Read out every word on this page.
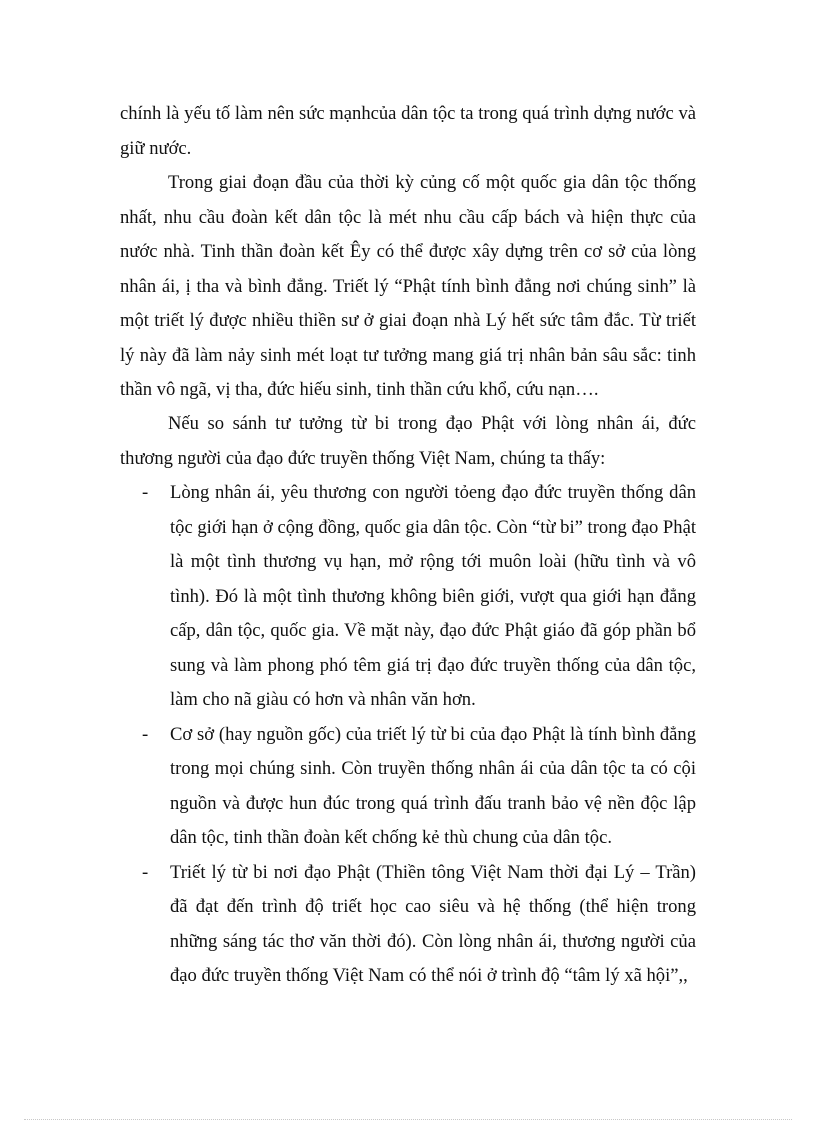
chính là yếu tố làm nên sức mạnhcủa dân tộc ta trong quá trình dựng nước và giữ nước.

Trong giai đoạn đầu của thời kỳ củng cố một quốc gia dân tộc thống nhất, nhu cầu đoàn kết dân tộc là mét nhu cầu cấp bách và hiện thực của nước nhà. Tinh thần đoàn kết Êy có thể được xây dựng trên cơ sở của lòng nhân ái, ị tha và bình đẳng. Triết lý “Phật tính bình đẳng nơi chúng sinh” là một triết lý được nhiều thiền sư ở giai đoạn nhà Lý hết sức tâm đắc. Từ triết lý này đã làm nảy sinh mét loạt tư tưởng mang giá trị nhân bản sâu sắc: tinh thần vô ngã, vị tha, đức hiếu sinh, tinh thần cứu khổ, cứu nạn….

Nếu so sánh tư tưởng từ bi trong đạo Phật với lòng nhân ái, đức thương người của đạo đức truyền thống Việt Nam, chúng ta thấy:

- Lòng nhân ái, yêu thương con người tỏeng đạo đức truyền thống dân tộc giới hạn ở cộng đồng, quốc gia dân tộc. Còn “từ bi” trong đạo Phật là một tình thương vụ hạn, mở rộng tới muôn loài (hữu tình và vô tình). Đó là một tình thương không biên giới, vượt qua giới hạn đẳng cấp, dân tộc, quốc gia. Về mặt này, đạo đức Phật giáo đã góp phần bổ sung và làm phong phó têm giá trị đạo đức truyền thống của dân tộc, làm cho nã giàu có hơn và nhân văn hơn.
- Cơ sở (hay nguồn gốc) của triết lý từ bi của đạo Phật là tính bình đẳng trong mọi chúng sinh. Còn truyền thống nhân ái của dân tộc ta có cội nguồn và được hun đúc trong quá trình đấu tranh bảo vệ nền độc lập dân tộc, tinh thần đoàn kết chống kẻ thù chung của dân tộc.
- Triết lý từ bi nơi đạo Phật (Thiền tông Việt Nam thời đại Lý – Trần) đã đạt đến trình độ triết học cao siêu và hệ thống (thể hiện trong những sáng tác thơ văn thời đó). Còn lòng nhân ái, thương người của đạo đức truyền thống Việt Nam có thể nói ở trình độ “tâm lý xã hội”,,
